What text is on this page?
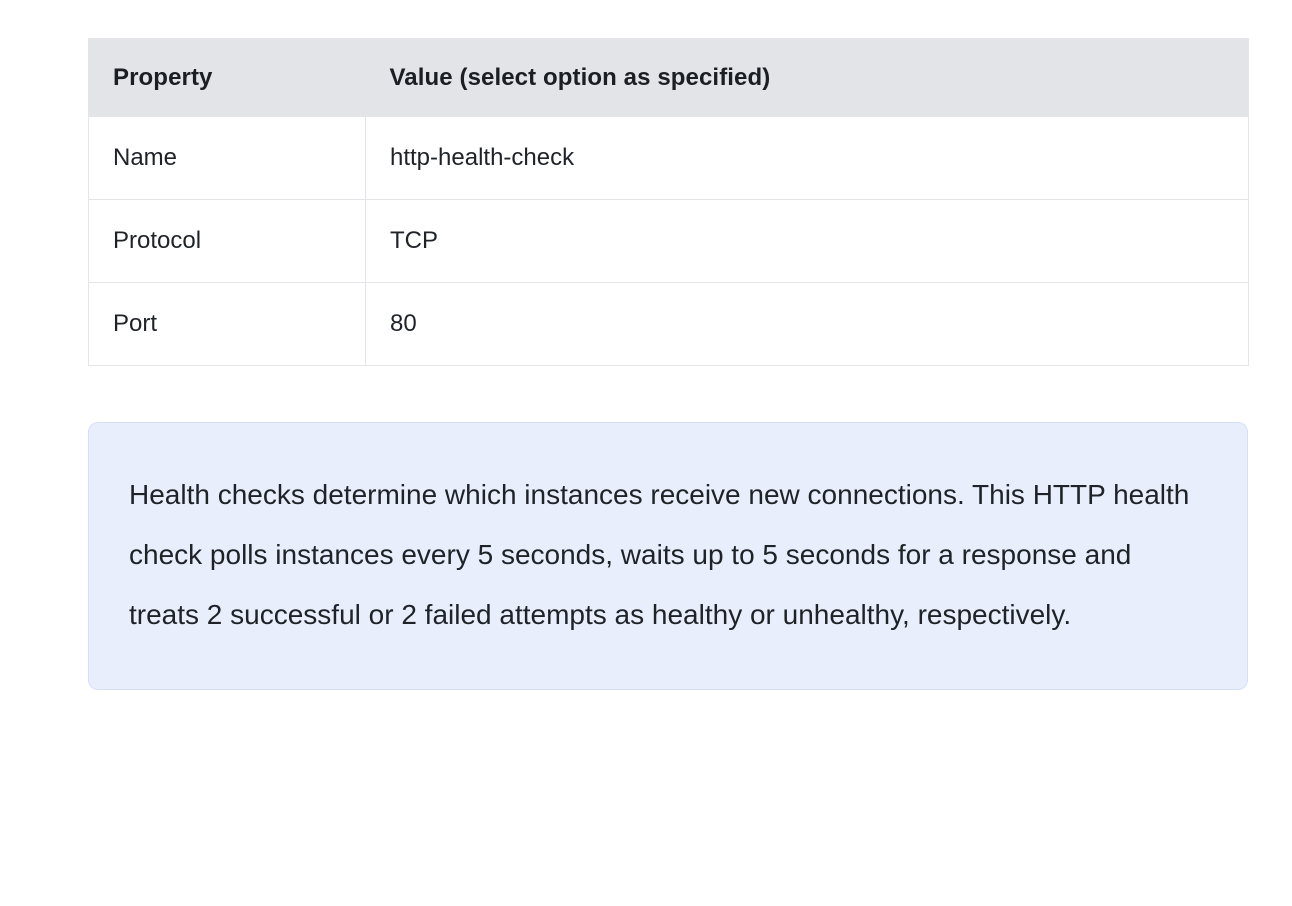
Property	Value (select option as specified)
Name	http-health-check
Protocol	TCP
Port	80

Health checks determine which instances receive new connections. This HTTP health check polls instances every 5 seconds, waits up to 5 seconds for a response and treats 2 successful or 2 failed attempts as healthy or unhealthy, respectively.
